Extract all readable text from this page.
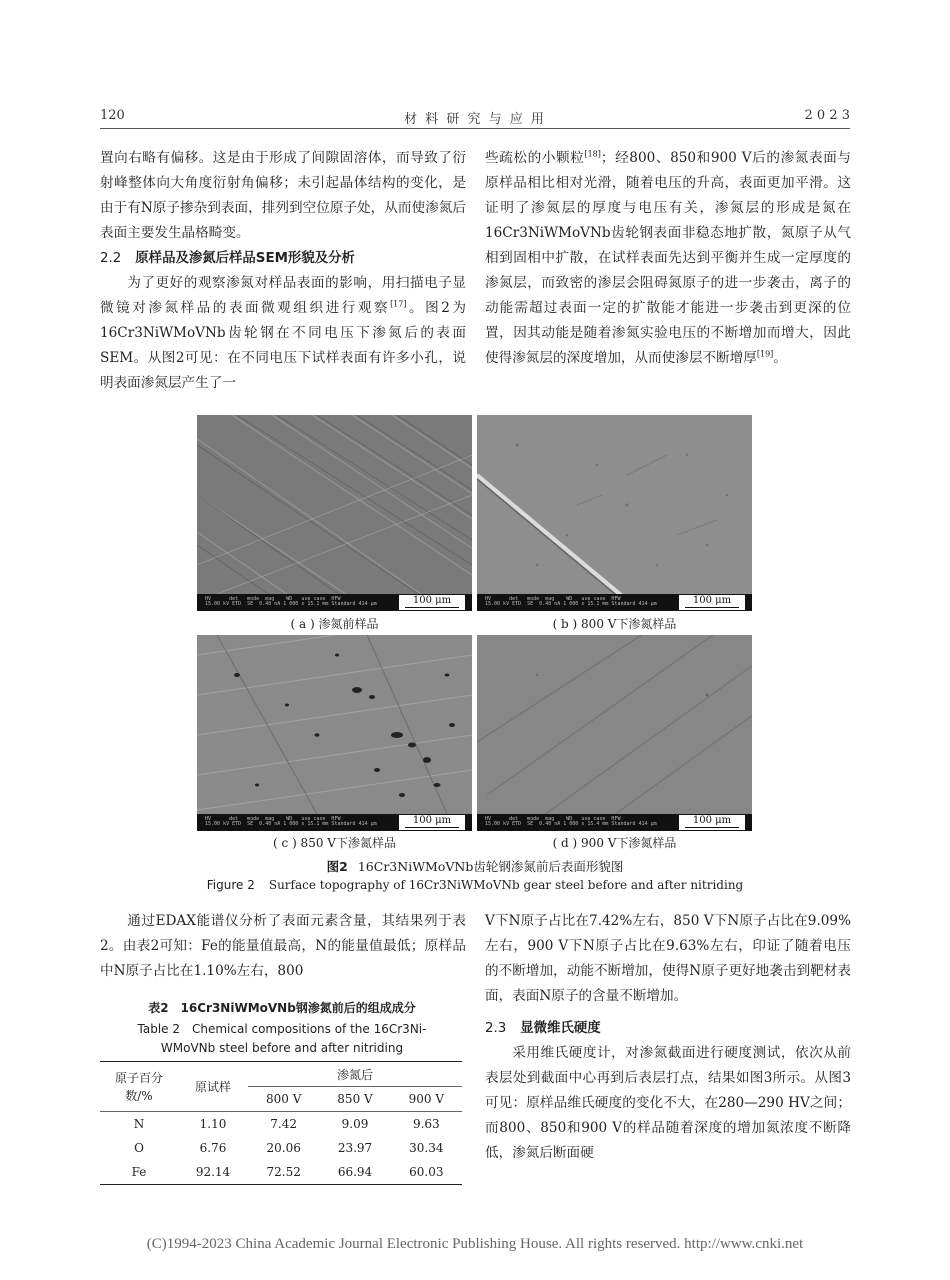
120	材 料 研 究 与 应 用	2 0 2 3

置向右略有偏移。这是由于形成了间隙固溶体，而导致了衍射峰整体向大角度衍射角偏移；未引起晶体结构的变化，是由于有N原子掺杂到表面，排列到空位原子处，从而使渗氮后表面主要发生晶格畸变。

2.2 原样品及渗氮后样品SEM形貌及分析

为了更好的观察渗氮对样品表面的影响，用扫描电子显微镜对渗氮样品的表面微观组织进行观察[17]。图2为16Cr3NiWMoVNb齿轮钢在不同电压下渗氮后的表面SEM。从图2可见：在不同电压下试样表面有许多小孔，说明表面渗氮层产生了一

些疏松的小颗粒[18]；经800、850和900 V后的渗氮表面与原样品相比相对光滑，随着电压的升高，表面更加平滑。这证明了渗氮层的厚度与电压有关，渗氮层的形成是氮在16Cr3NiWMoVNb齿轮钢表面非稳态地扩散，氮原子从气相到固相中扩散，在试样表面先达到平衡并生成一定厚度的渗氮层，而致密的渗层会阻碍氮原子的进一步袭击，离子的动能需超过表面一定的扩散能才能进一步袭击到更深的位置，因其动能是随着渗氮实验电压的不断增加而增大，因此使得渗氮层的深度增加，从而使渗层不断增厚[19]。

HV      det   mode  mag    WD   use case  HFW
15.00 kV ETD  SE  0.40 nA 1 000 x 15.1 mm Standard 414 μm	100 μm	HV      det   mode  mag    WD   use case  HFW
15.00 kV ETD  SE  0.40 nA 1 000 x 15.1 mm Standard 414 μm	100 μm
( a ) 渗氮前样品	( b ) 800 V下渗氮样品
HV      det   mode  mag    WD   use case  HFW
15.00 kV ETD  SE  0.40 nA 1 000 x 15.1 mm Standard 414 μm	100 μm	HV      det   mode  mag    WD   use case  HFW
15.00 kV ETD  SE  0.40 nA 1 000 x 15.4 mm Standard 414 μm	100 μm
( c ) 850 V下渗氮样品	( d ) 900 V下渗氮样品
图2 16Cr3NiWMoVNb齿轮钢渗氮前后表面形貌图
Figure 2 Surface topography of 16Cr3NiWMoVNb gear steel before and after nitriding

通过EDAX能谱仪分析了表面元素含量，其结果列于表2。由表2可知：Fe的能量值最高，N的能量值最低；原样品中N原子占比在1.10%左右，800

表2　16Cr3NiWMoVNb钢渗氮前后的组成成分
Table 2　Chemical compositions of the 16Cr3Ni-
WMoVNb steel before and after nitriding
原子百分
数/%	原试样	渗氮后		
		800 V	850 V	900 V
N	1.10	7.42	9.09	9.63
O	6.76	20.06	23.97	30.34
Fe	92.14	72.52	66.94	60.03

V下N原子占比在7.42%左右，850 V下N原子占比在9.09%左右，900 V下N原子占比在9.63%左右，印证了随着电压的不断增加，动能不断增加，使得N原子更好地袭击到靶材表面，表面N原子的含量不断增加。

2.3 显微维氏硬度

采用维氏硬度计，对渗氮截面进行硬度测试，依次从前表层处到截面中心再到后表层打点，结果如图3所示。从图3可见：原样品维氏硬度的变化不大，在280—290 HV之间；而800、850和900 V的样品随着深度的增加氮浓度不断降低，渗氮后断面硬

(C)1994-2023 China Academic Journal Electronic Publishing House. All rights reserved. http://www.cnki.net
